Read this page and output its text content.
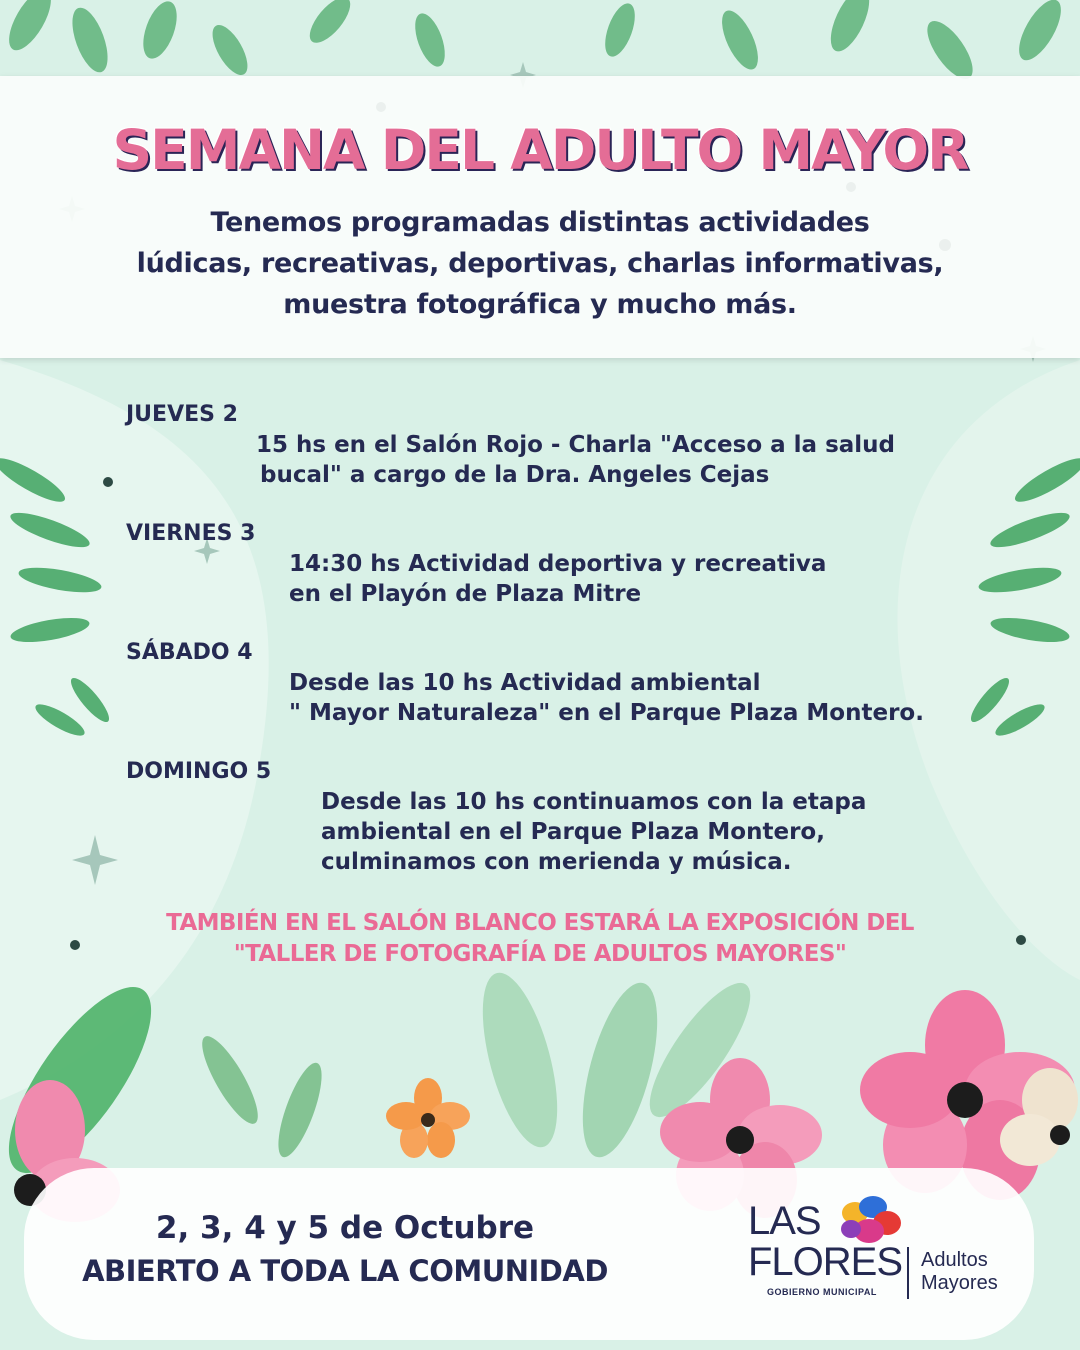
SEMANA DEL ADULTO MAYOR
Tenemos programadas distintas actividades
lúdicas, recreativas, deportivas, charlas informativas,
muestra fotográfica y mucho más.
JUEVES 2
15 hs en el Salón Rojo - Charla "Acceso a la salud
bucal" a cargo de la Dra. Angeles Cejas
VIERNES 3
14:30 hs Actividad deportiva y recreativa
en el Playón de Plaza Mitre
SÁBADO 4
Desde las 10 hs Actividad ambiental
" Mayor Naturaleza" en el Parque Plaza Montero.
DOMINGO 5
Desde las 10 hs continuamos con la etapa
ambiental en el Parque Plaza Montero,
culminamos con merienda y música.
TAMBIÉN EN EL SALÓN BLANCO ESTARÁ LA EXPOSICIÓN DEL
"TALLER DE FOTOGRAFÍA DE ADULTOS MAYORES"
2, 3, 4 y 5 de Octubre
ABIERTO A TODA LA COMUNIDAD
LAS
FLORES
GOBIERNO MUNICIPAL
Adultos
Mayores
